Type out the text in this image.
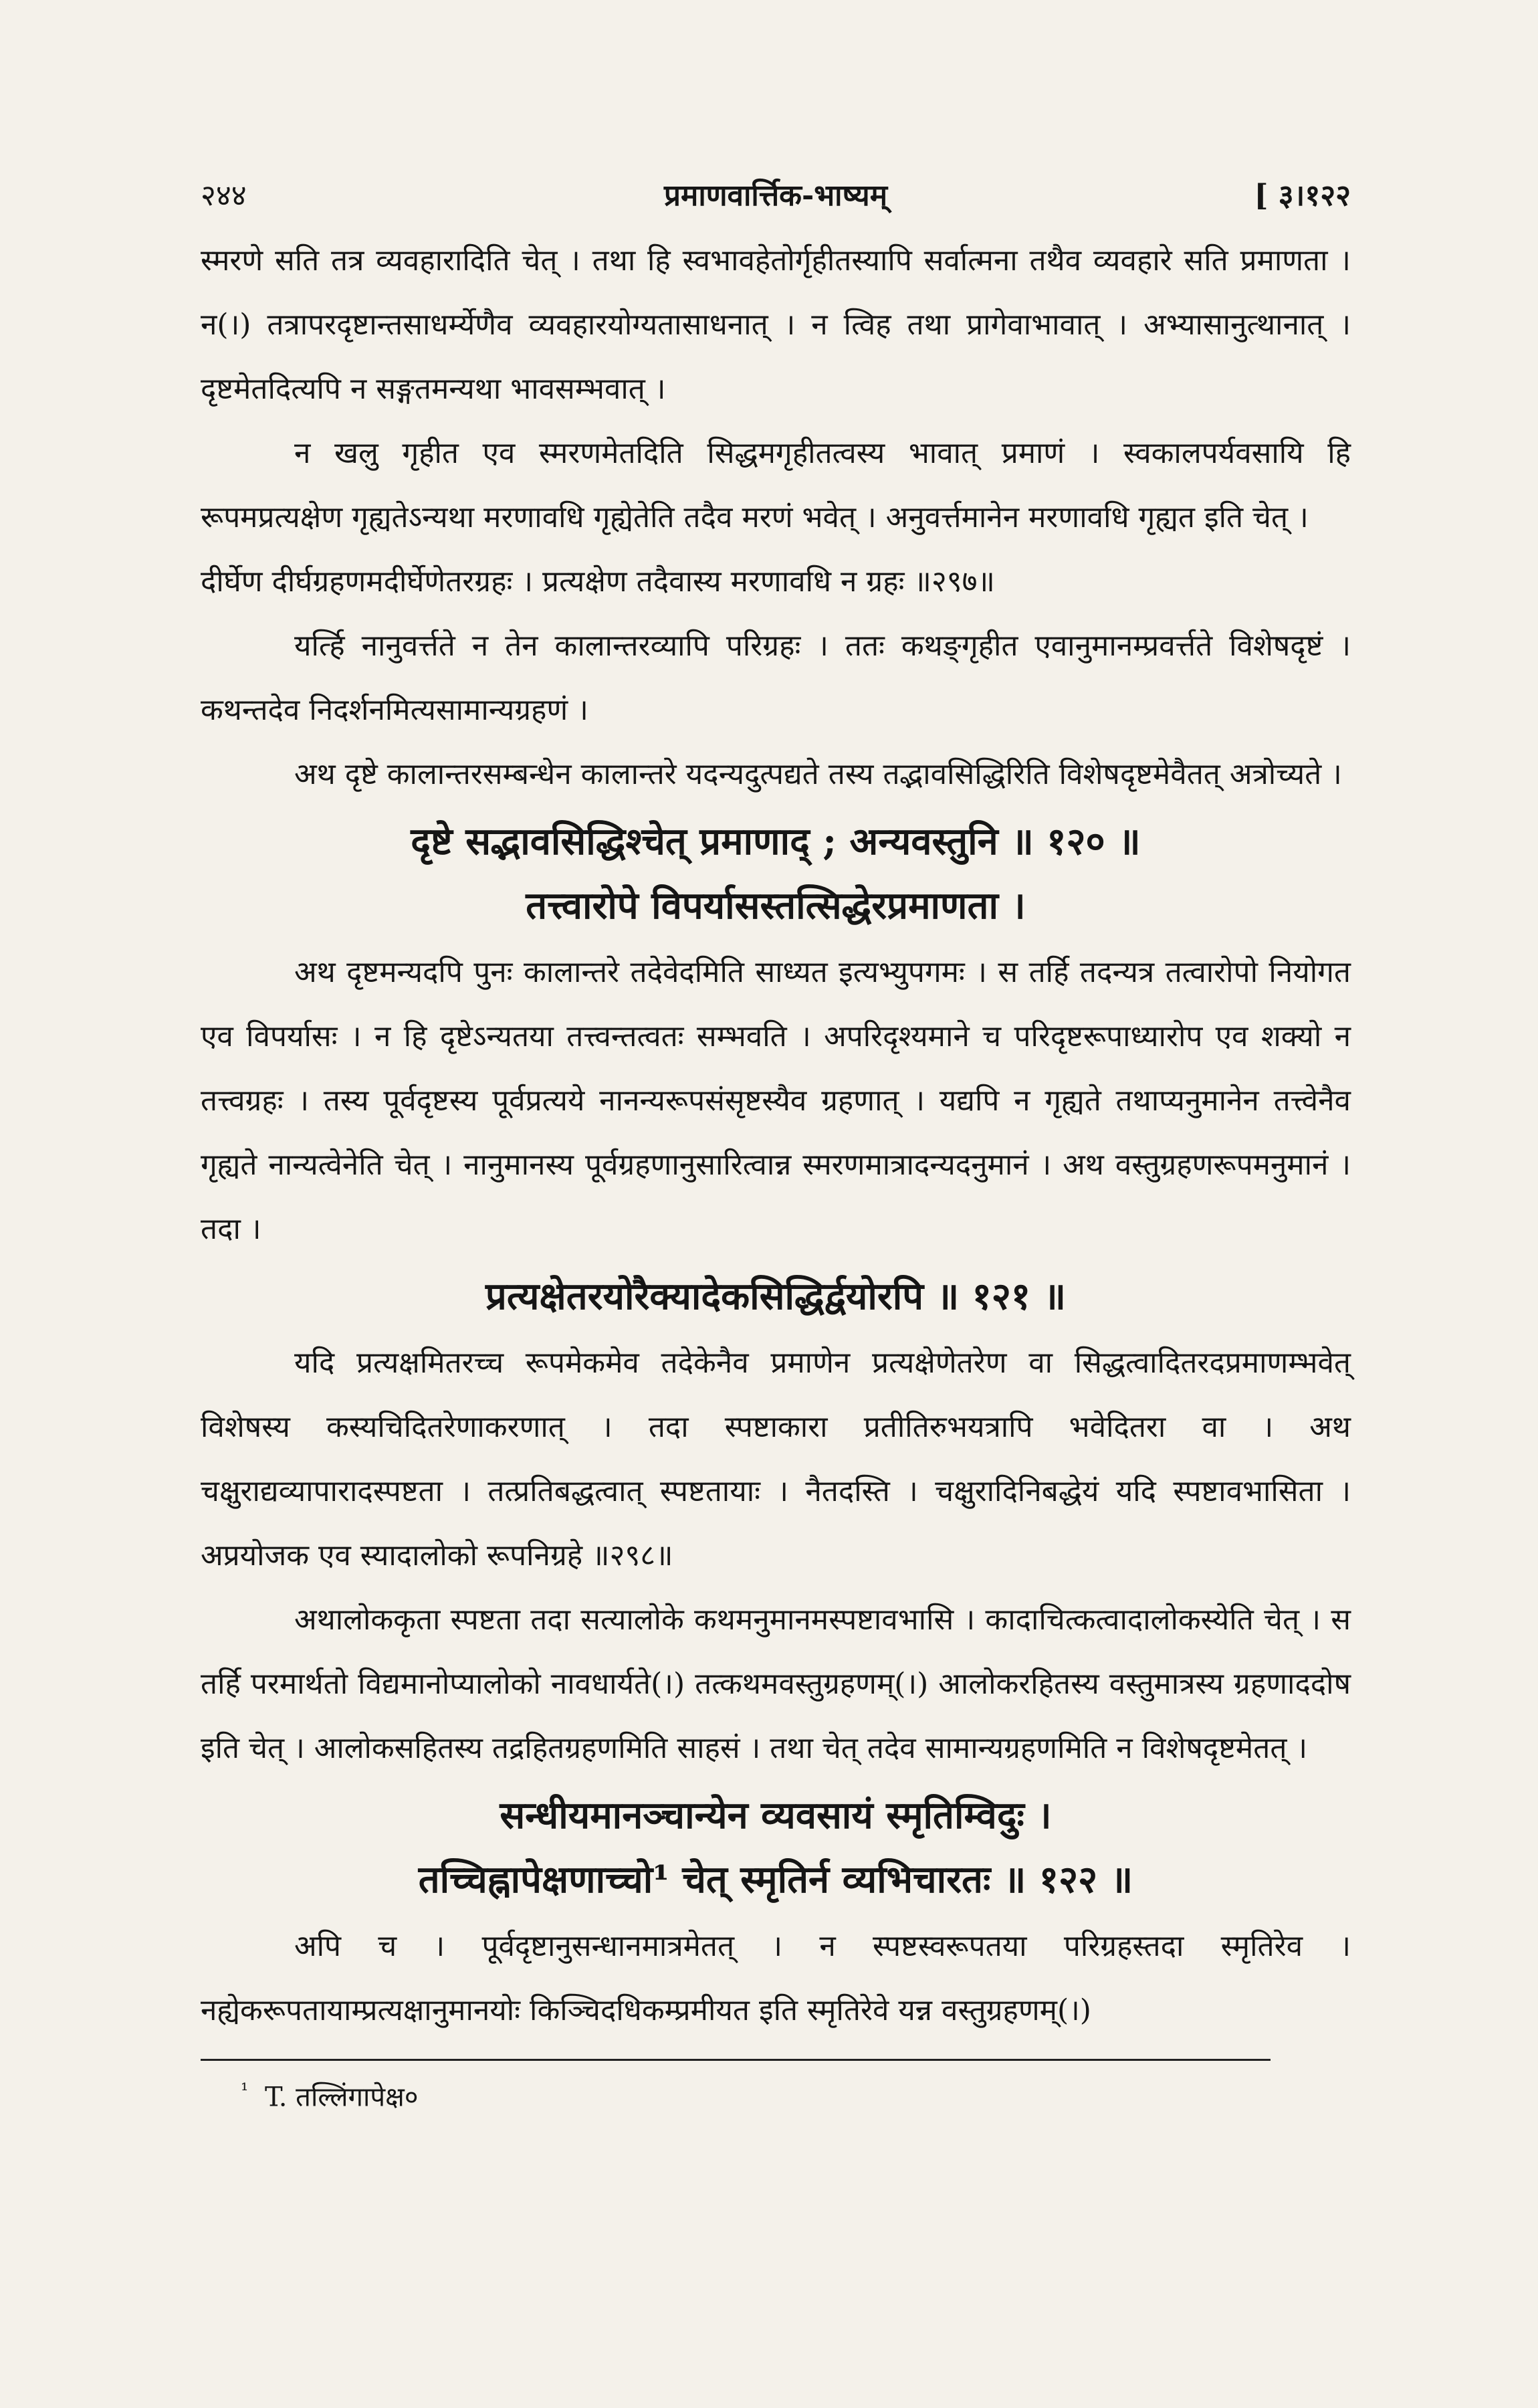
२४४	प्रमाणवार्त्तिक-भाष्यम्	[ ३।१२२

स्मरणे सति तत्र व्यवहारादिति चेत् । तथा हि स्वभावहेतोर्गृहीतस्यापि सर्वात्मना तथैव व्यवहारे सति प्रमाणता । न(।) तत्रापरदृष्टान्तसाधर्म्येणैव व्यवहारयोग्यतासाधनात् । न त्विह तथा प्रागेवाभावात् । अभ्यासानुत्थानात् । दृष्टमेतदित्यपि न सङ्गतमन्यथा भावसम्भवात् ।

न खलु गृहीत एव स्मरणमेतदिति सिद्धमगृहीतत्वस्य भावात् प्रमाणं । स्वकालपर्यवसायि हि रूपमप्रत्यक्षेण गृह्यतेऽन्यथा मरणावधि गृह्येतेति तदैव मरणं भवेत् । अनुवर्त्तमानेन मरणावधि गृह्यत इति चेत् ।

दीर्घेण दीर्घग्रहणमदीर्घेणेतरग्रहः । प्रत्यक्षेण तदैवास्य मरणावधि न ग्रहः ॥२९७॥

यर्त्हि नानुवर्त्तते न तेन कालान्तरव्यापि परिग्रहः । ततः कथङ्गृहीत एवानुमानम्प्रवर्त्तते विशेषदृष्टं । कथन्तदेव निदर्शनमित्यसामान्यग्रहणं ।

अथ दृष्टे कालान्तरसम्बन्धेन कालान्तरे यदन्यदुत्पद्यते तस्य तद्भावसिद्धिरिति विशेषदृष्टमेवैतत् अत्रोच्यते ।

दृष्टे सद्भावसिद्धिश्चेत् प्रमाणाद् ; अन्यवस्तुनि ॥ १२० ॥
तत्त्वारोपे विपर्यासस्तत्सिद्धेरप्रमाणता ।

अथ दृष्टमन्यदपि पुनः कालान्तरे तदेवेदमिति साध्यत इत्यभ्युपगमः । स तर्हि तदन्यत्र तत्वारोपो नियोगत एव विपर्यासः । न हि दृष्टेऽन्यतया तत्त्वन्तत्वतः सम्भवति । अपरिदृश्यमाने च परिदृष्टरूपाध्यारोप एव शक्यो न तत्त्वग्रहः । तस्य पूर्वदृष्टस्य पूर्वप्रत्यये नानन्यरूपसंसृष्टस्यैव ग्रहणात् । यद्यपि न गृह्यते तथाप्यनुमानेन तत्त्वेनैव गृह्यते नान्यत्वेनेति चेत् । नानुमानस्य पूर्वग्रहणानुसारित्वान्न स्मरणमात्रादन्यदनुमानं । अथ वस्तुग्रहणरूपमनुमानं । तदा ।

प्रत्यक्षेतरयोरैक्यादेकसिद्धिर्द्वयोरपि ॥ १२१ ॥

यदि प्रत्यक्षमितरच्च रूपमेकमेव तदेकेनैव प्रमाणेन प्रत्यक्षेणेतरेण वा सिद्धत्वादितरदप्रमाणम्भवेत् विशेषस्य कस्यचिदितरेणाकरणात् । तदा स्पष्टाकारा प्रतीतिरुभयत्रापि भवेदितरा वा । अथ चक्षुराद्यव्यापारादस्पष्टता । तत्प्रतिबद्धत्वात् स्पष्टतायाः । नैतदस्ति । चक्षुरादिनिबद्धेयं यदि स्पष्टावभासिता । अप्रयोजक एव स्यादालोको रूपनिग्रहे ॥२९८॥

अथालोककृता स्पष्टता तदा सत्यालोके कथमनुमानमस्पष्टावभासि । कादाचित्कत्वादालोकस्येति चेत् । स तर्हि परमार्थतो विद्यमानोप्यालोको नावधार्यते(।) तत्कथमवस्तुग्रहणम्(।) आलोकरहितस्य वस्तुमात्रस्य ग्रहणाददोष इति चेत् । आलोकसहितस्य तद्रहितग्रहणमिति साहसं । तथा चेत् तदेव सामान्यग्रहणमिति न विशेषदृष्टमेतत् ।

सन्धीयमानञ्चान्येन व्यवसायं स्मृतिम्विदुः ।
तच्चिह्नापेक्षणाच्चो¹ चेत् स्मृतिर्न व्यभिचारतः ॥ १२२ ॥

अपि च । पूर्वदृष्टानुसन्धानमात्रमेतत् । न स्पष्टस्वरूपतया परिग्रहस्तदा स्मृतिरेव । नह्येकरूपतायाम्प्रत्यक्षानुमानयोः किञ्चिदधिकम्प्रमीयत इति स्मृतिरेवे यन्न वस्तुग्रहणम्(।)

$^{^1}$ T. तल्लिंगापेक्ष०
